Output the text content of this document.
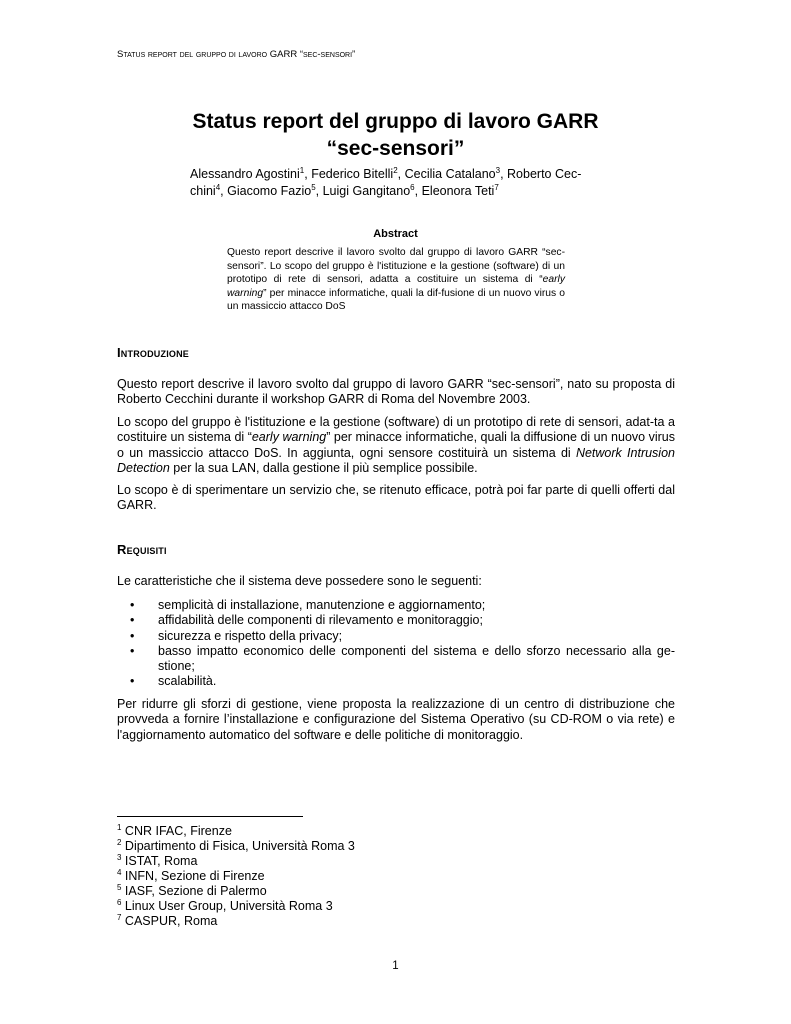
Status report del gruppo di lavoro GARR “sec-sensori”
Status report del gruppo di lavoro GARR
“sec-sensori”
Alessandro Agostini$^1$, Federico Bitelli$^2$, Cecilia Catalano$^3$, Roberto Cec-chini$^4$, Giacomo Fazio$^5$, Luigi Gangitano$^6$, Eleonora Teti$^7$
Abstract
Questo report descrive il lavoro svolto dal gruppo di lavoro GARR “sec-sensori”. Lo scopo del gruppo è l'istituzione e la gestione (software) di un prototipo di rete di sensori, adatta a costituire un sistema di “early warning” per minacce informatiche, quali la dif-fusione di un nuovo virus o un massiccio attacco DoS
Introduzione
Questo report descrive il lavoro svolto dal gruppo di lavoro GARR “sec-sensori”, nato su proposta di Roberto Cecchini durante il workshop GARR di Roma del Novembre 2003.
Lo scopo del gruppo è l'istituzione e la gestione (software) di un prototipo di rete di sensori, adat-ta a costituire un sistema di “early warning” per minacce informatiche, quali la diffusione di un nuovo virus o un massiccio attacco DoS. In aggiunta, ogni sensore costituirà un sistema di Network Intrusion Detection per la sua LAN, dalla gestione il più semplice possibile.
Lo scopo è di sperimentare un servizio che, se ritenuto efficace, potrà poi far parte di quelli offerti dal GARR.
Requisiti
Le caratteristiche che il sistema deve possedere sono le seguenti:
• semplicità di installazione, manutenzione e aggiornamento;
• affidabilità delle componenti di rilevamento e monitoraggio;
• sicurezza e rispetto della privacy;
• basso impatto economico delle componenti del sistema e dello sforzo necessario alla ge-stione;
• scalabilità.
Per ridurre gli sforzi di gestione, viene proposta la realizzazione di un centro di distribuzione che provveda a fornire l’installazione e configurazione del Sistema Operativo (su CD-ROM o via rete) e l'aggiornamento automatico del software e delle politiche di monitoraggio.
$^1$ CNR IFAC, Firenze
$^2$ Dipartimento di Fisica, Università Roma 3
$^3$ ISTAT, Roma
$^4$ INFN, Sezione di Firenze
$^5$ IASF, Sezione di Palermo
$^6$ Linux User Group, Università Roma 3
$^7$ CASPUR, Roma
1
